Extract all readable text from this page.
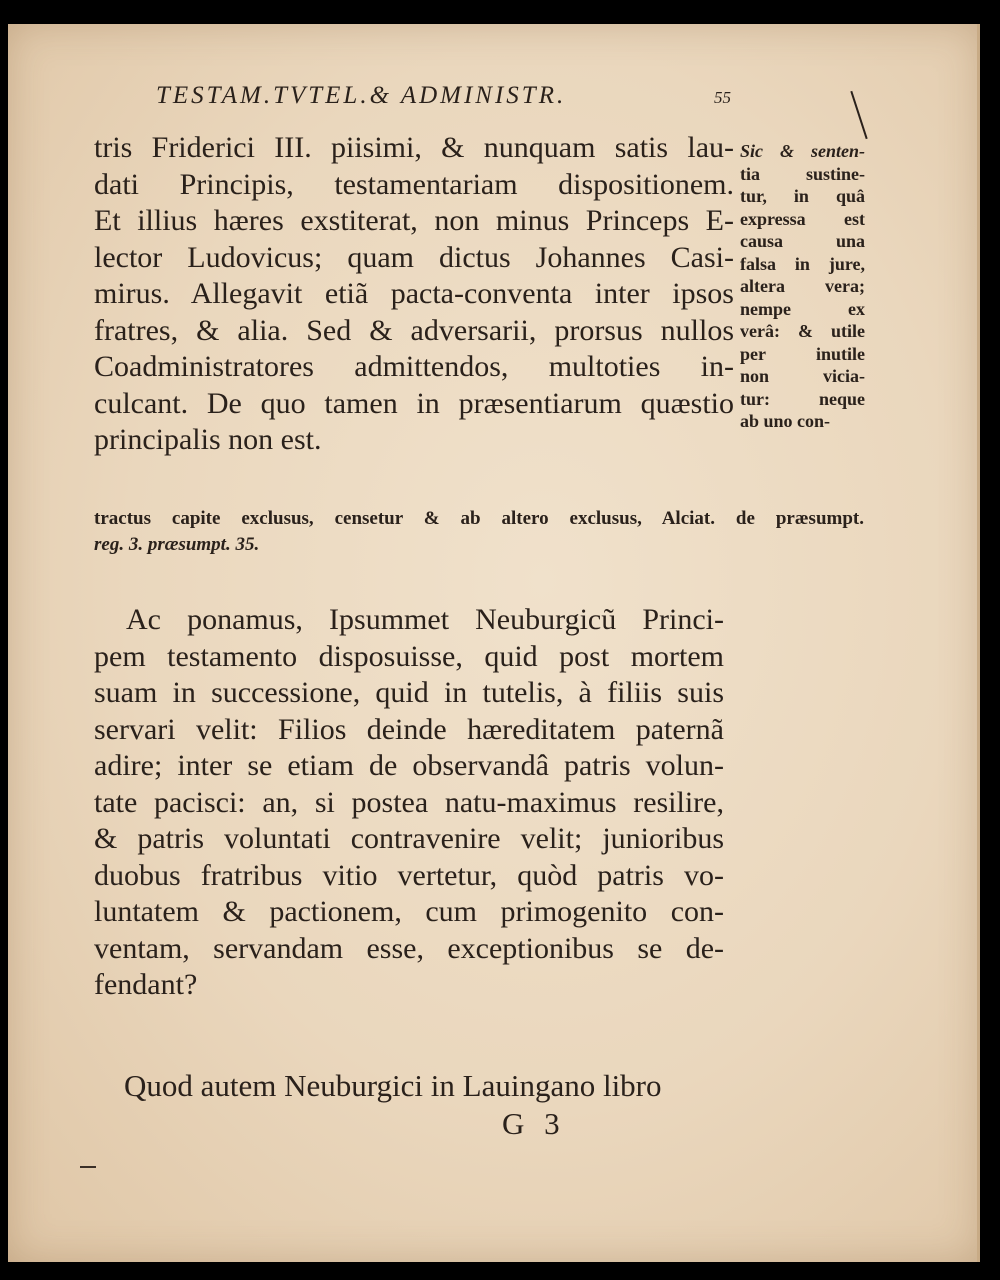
TESTAM.TVTEL.& ADMINISTR.	55
tris Friderici III. piisimi, & nunquam satis lau-
dati Principis, testamentariam dispositionem.
Et illius hæres exstiterat, non minus Princeps E-
lector Ludovicus; quam dictus Johannes Casi-
mirus. Allegavit etiã pacta-conventa inter ipsos
fratres, & alia. Sed & adversarii, prorsus nullos
Coadministratores admittendos, multoties in-
culcant. De quo tamen in præsentiarum quæstio
principalis non est.
Sic & senten-
tia sustine-
tur, in quâ
expressa est
causa una
falsa in jure,
altera vera;
nempe ex
verâ: & utile
per inutile
non vicia-
tur: neque
ab uno con-
tractus capite exclusus, censetur & ab altero exclusus, Alciat. de præsumpt.
reg. 3. præsumpt. 35.
Ac ponamus, Ipsummet Neuburgicũ Princi-
pem testamento disposuisse, quid post mortem
suam in successione, quid in tutelis, à filiis suis
servari velit: Filios deinde hæreditatem paternã
adire; inter se etiam de observandâ patris volun-
tate pacisci: an, si postea natu-maximus resilire,
& patris voluntati contravenire velit; junioribus
duobus fratribus vitio vertetur, quòd patris vo-
luntatem & pactionem, cum primogenito con-
ventam, servandam esse, exceptionibus se de-
fendant?
Quod autem Neuburgici in Lauingano libro
G 3
